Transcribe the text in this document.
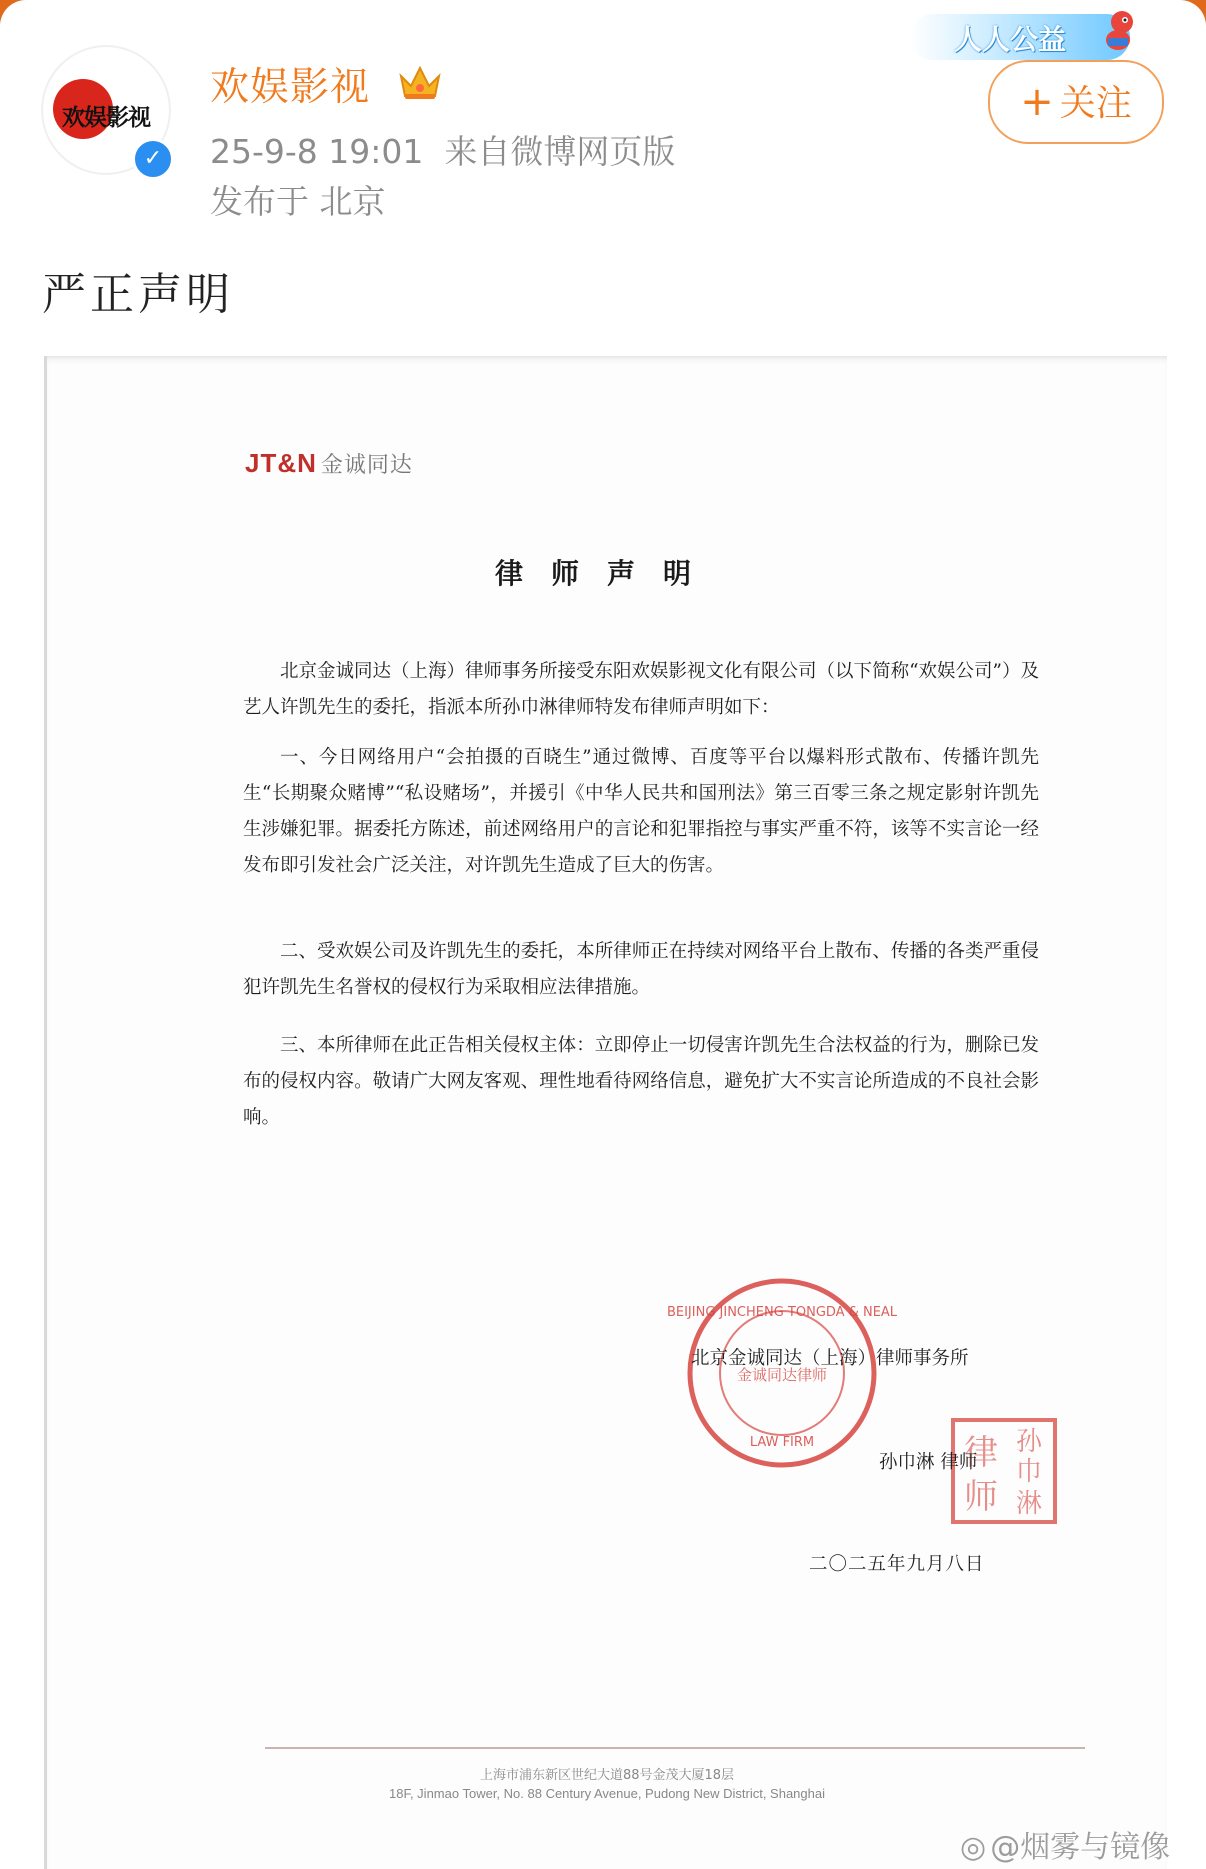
欢娱影视
✓
欢娱影视
25-9-8 19:01 来自微博网页版
发布于 北京
人人公益
+ 关注
严正声明
JT&N 金诚同达
律师声明
北京金诚同达（上海）律师事务所接受东阳欢娱影视文化有限公司（以下简称“欢娱公司”）及艺人许凯先生的委托，指派本所孙巾淋律师特发布律师声明如下：
一、今日网络用户“会拍摄的百晓生”通过微博、百度等平台以爆料形式散布、传播许凯先生“长期聚众赌博”“私设赌场”，并援引《中华人民共和国刑法》第三百零三条之规定影射许凯先生涉嫌犯罪。据委托方陈述，前述网络用户的言论和犯罪指控与事实严重不符，该等不实言论一经发布即引发社会广泛关注，对许凯先生造成了巨大的伤害。
二、受欢娱公司及许凯先生的委托，本所律师正在持续对网络平台上散布、传播的各类严重侵犯许凯先生名誉权的侵权行为采取相应法律措施。
三、本所律师在此正告相关侵权主体：立即停止一切侵害许凯先生合法权益的行为，删除已发布的侵权内容。敬请广大网友客观、理性地看待网络信息，避免扩大不实言论所造成的不良社会影响。
BEIJING JINCHENG TONGDA & NEAL
金诚同达律师
LAW FIRM	律
师
孙
巾
淋
北京金诚同达（上海）律师事务所
孙巾淋 律师
二〇二五年九月八日
上海市浦东新区世纪大道88号金茂大厦18层
18F, Jinmao Tower, No. 88 Century Avenue, Pudong New District, Shanghai
◎ @烟雾与镜像
